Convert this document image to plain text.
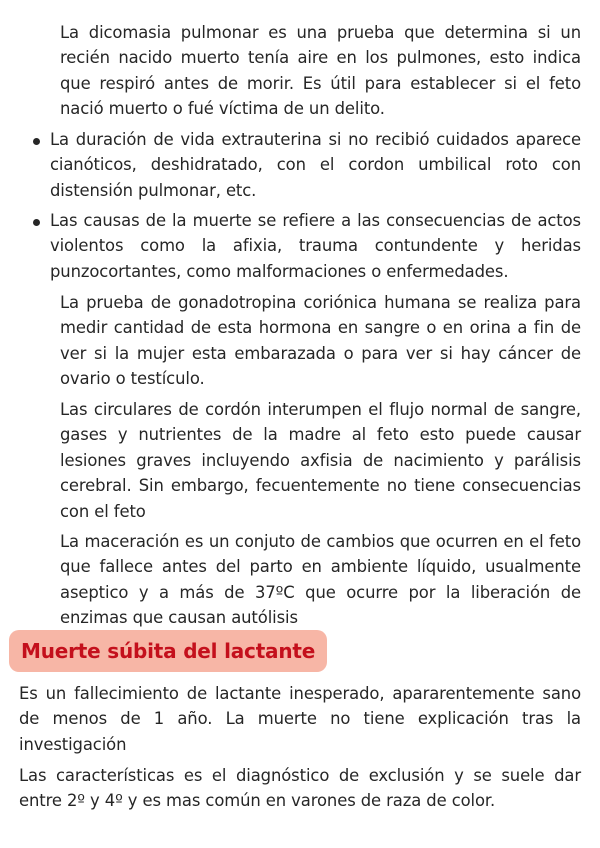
La dicomasia pulmonar es una prueba que determina si un recién nacido muerto tenía aire en los pulmones, esto indica que respiró antes de morir. Es útil para establecer si el feto nació muerto o fué víctima de un delito.

La duración de vida extrauterina si no recibió cuidados aparece cianóticos, deshidratado, con el cordon umbilical roto con distensión pulmonar, etc.

Las causas de la muerte se refiere a las consecuencias de actos violentos como la afixia, trauma contundente y heridas punzocortantes, como malformaciones o enfermedades.

La prueba de gonadotropina coriónica humana se realiza para medir cantidad de esta hormona en sangre o en orina a fin de ver si la mujer esta embarazada o para ver si hay cáncer de ovario o testículo.

Las circulares de cordón interumpen el flujo normal de sangre, gases y nutrientes de la madre al feto esto puede causar lesiones graves incluyendo axfisia de nacimiento y parálisis cerebral. Sin embargo, fecuentemente no tiene consecuencias con el feto

La maceración es un conjuto de cambios que ocurren en el feto que fallece antes del parto en ambiente líquido, usualmente aseptico y a más de 37ºC que ocurre por la liberación de enzimas que causan autólisis

Muerte súbita del lactante

Es un fallecimiento de lactante inesperado, apararentemente sano de menos de 1 año. La muerte no tiene explicación tras la investigación

Las características es el diagnóstico de exclusión y se suele dar entre 2º y 4º y es mas común en varones de raza de color.
